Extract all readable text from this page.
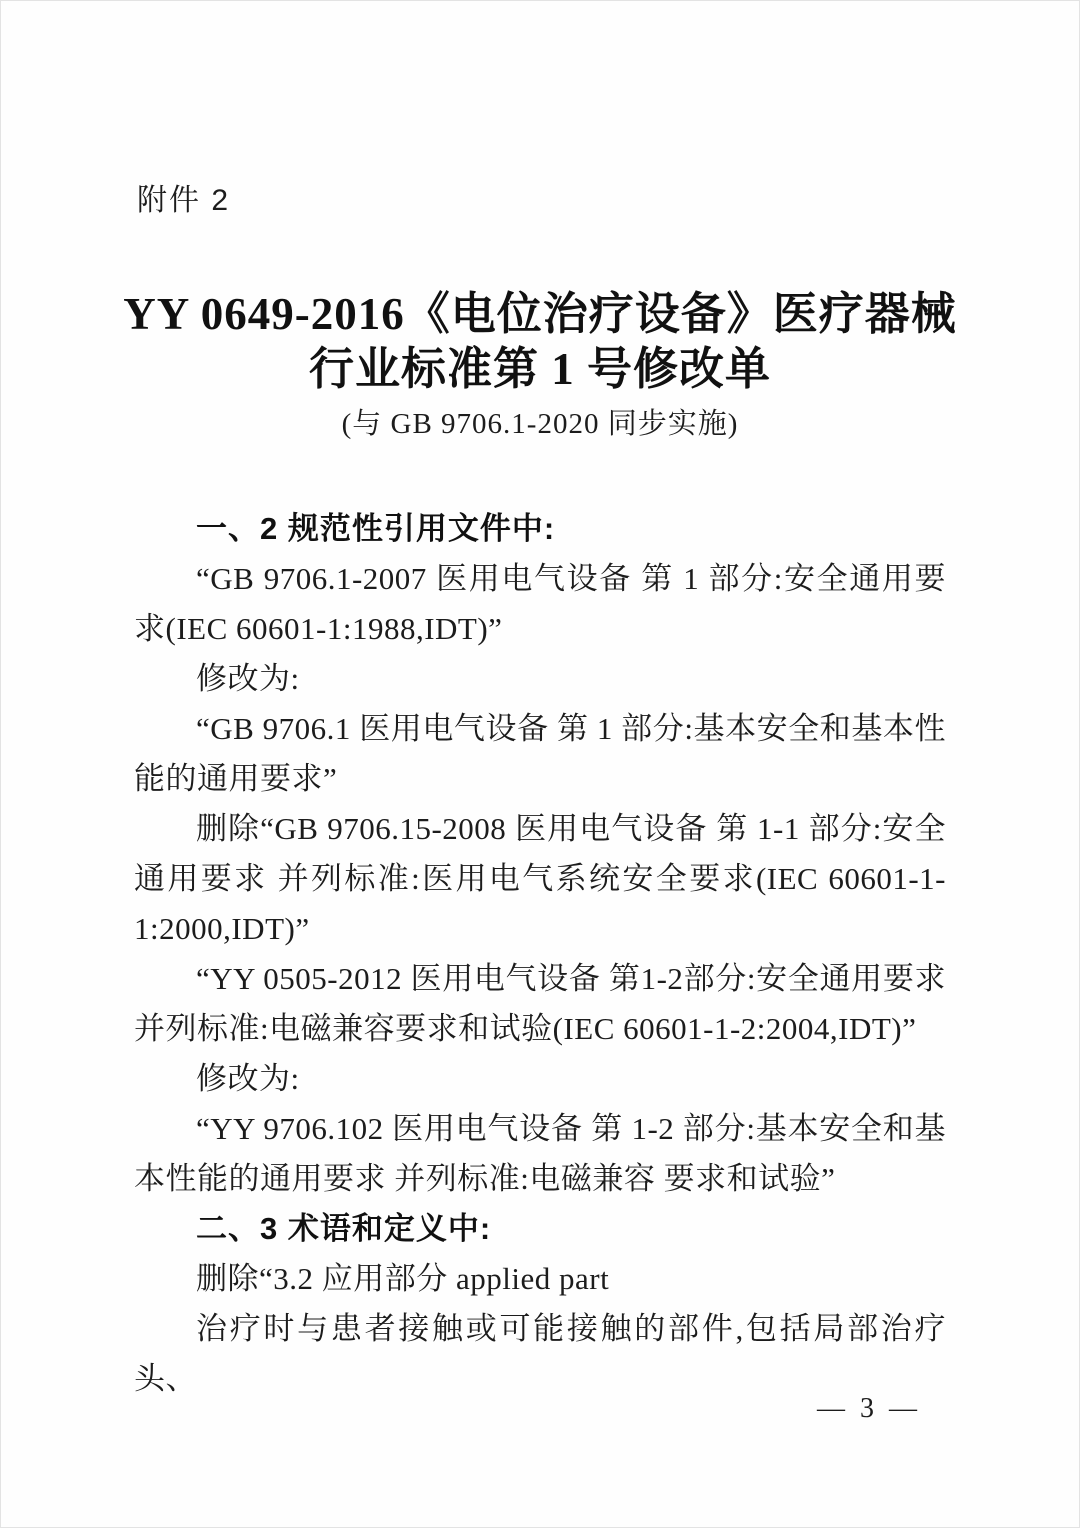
附件 2
YY 0649-2016《电位治疗设备》医疗器械
行业标准第 1 号修改单
(与 GB 9706.1-2020 同步实施)
一、2 规范性引用文件中:
“GB 9706.1-2007 医用电气设备 第 1 部分:安全通用要求(IEC 60601-1:1988,IDT)”
修改为:
“GB 9706.1 医用电气设备 第 1 部分:基本安全和基本性能的通用要求”
删除“GB 9706.15-2008 医用电气设备 第 1-1 部分:安全通用要求 并列标准:医用电气系统安全要求(IEC 60601-1-1:2000,IDT)”
“YY 0505-2012 医用电气设备 第1-2部分:安全通用要求 并列标准:电磁兼容要求和试验(IEC 60601-1-2:2004,IDT)”
修改为:
“YY 9706.102 医用电气设备 第 1-2 部分:基本安全和基本性能的通用要求 并列标准:电磁兼容 要求和试验”
二、3 术语和定义中:
删除“3.2 应用部分 applied part
治疗时与患者接触或可能接触的部件,包括局部治疗头、
— 3 —
